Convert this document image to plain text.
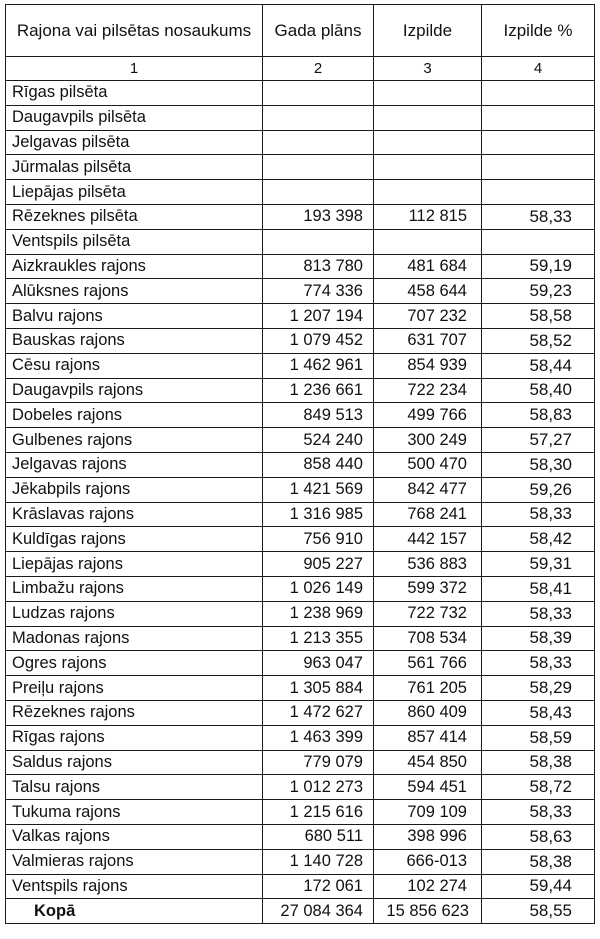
Rajona vai pilsētas nosaukums	Gada plāns	Izpilde	Izpilde %
1	2	3	4
Rīgas pilsēta			
Daugavpils pilsēta			
Jelgavas pilsēta			
Jūrmalas pilsēta			
Liepājas pilsēta			
Rēzeknes pilsēta	193 398	112 815	58,33
Ventspils pilsēta			
Aizkraukles rajons	813 780	481 684	59,19
Alūksnes rajons	774 336	458 644	59,23
Balvu rajons	1 207 194	707 232	58,58
Bauskas rajons	1 079 452	631 707	58,52
Cēsu rajons	1 462 961	854 939	58,44
Daugavpils rajons	1 236 661	722 234	58,40
Dobeles rajons	849 513	499 766	58,83
Gulbenes rajons	524 240	300 249	57,27
Jelgavas rajons	858 440	500 470	58,30
Jēkabpils rajons	1 421 569	842 477	59,26
Krāslavas rajons	1 316 985	768 241	58,33
Kuldīgas rajons	756 910	442 157	58,42
Liepājas rajons	905 227	536 883	59,31
Limbažu rajons	1 026 149	599 372	58,41
Ludzas rajons	1 238 969	722 732	58,33
Madonas rajons	1 213 355	708 534	58,39
Ogres rajons	963 047	561 766	58,33
Preiļu rajons	1 305 884	761 205	58,29
Rēzeknes rajons	1 472 627	860 409	58,43
Rīgas rajons	1 463 399	857 414	58,59
Saldus rajons	779 079	454 850	58,38
Talsu rajons	1 012 273	594 451	58,72
Tukuma rajons	1 215 616	709 109	58,33
Valkas rajons	680 511	398 996	58,63
Valmieras rajons	1 140 728	666-013	58,38
Ventspils rajons	172 061	102 274	59,44
Kopā	27 084 364	15 856 623	58,55
